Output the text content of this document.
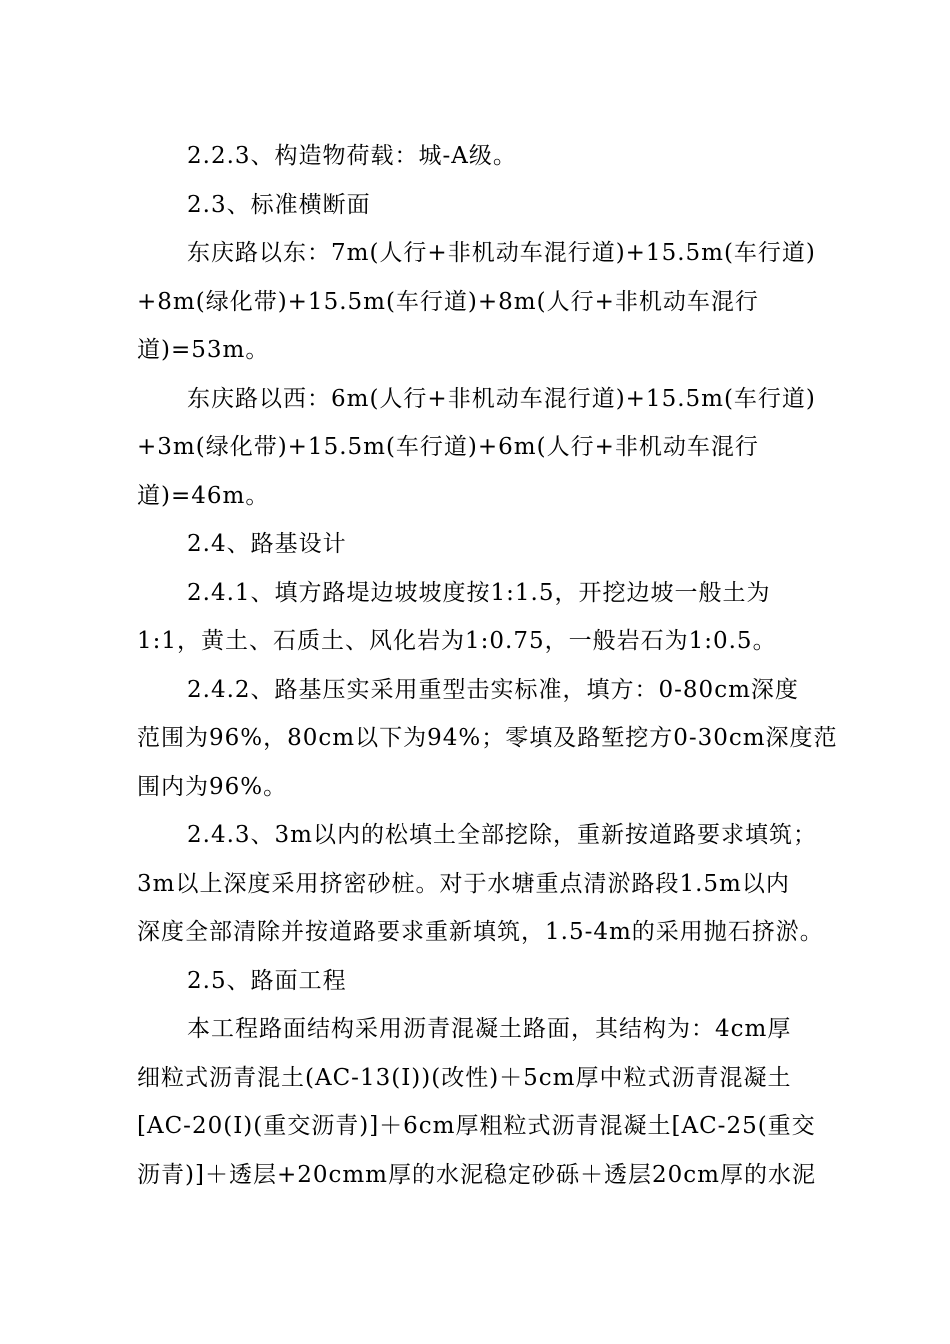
2.2.3、构造物荷载：城-A级。

2.3、标准横断面

东庆路以东：7m(人行+非机动车混行道)+15.5m(车行道)

+8m(绿化带)+15.5m(车行道)+8m(人行+非机动车混行

道)=53m。

东庆路以西：6m(人行+非机动车混行道)+15.5m(车行道)

+3m(绿化带)+15.5m(车行道)+6m(人行+非机动车混行

道)=46m。

2.4、路基设计

2.4.1、填方路堤边坡坡度按1:1.5，开挖边坡一般土为

1:1，黄土、石质土、风化岩为1:0.75，一般岩石为1:0.5。

2.4.2、路基压实采用重型击实标准，填方：0-80cm深度

范围为96%，80cm以下为94%；零填及路堑挖方0-30cm深度范

围内为96%。

2.4.3、3m以内的松填土全部挖除，重新按道路要求填筑；

3m以上深度采用挤密砂桩。对于水塘重点清淤路段1.5m以内

深度全部清除并按道路要求重新填筑，1.5-4m的采用抛石挤淤。

2.5、路面工程

本工程路面结构采用沥青混凝土路面，其结构为：4cm厚

细粒式沥青混土(AC-13(I))(改性)＋5cm厚中粒式沥青混凝土

[AC-20(I)(重交沥青)]＋6cm厚粗粒式沥青混凝土[AC-25(重交

沥青)]＋透层+20cmm厚的水泥稳定砂砾＋透层20cm厚的水泥
